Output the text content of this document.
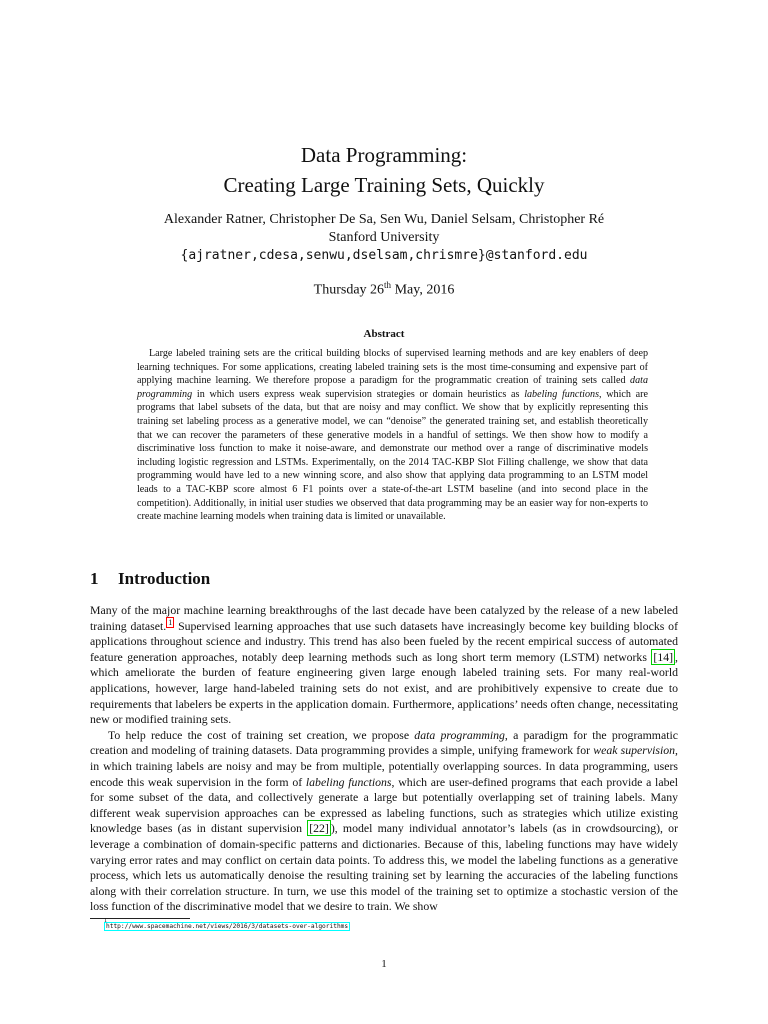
Data Programming:
Creating Large Training Sets, Quickly
Alexander Ratner, Christopher De Sa, Sen Wu, Daniel Selsam, Christopher Ré
Stanford University
{ajratner,cdesa,senwu,dselsam,chrismre}@stanford.edu
Thursday 26th May, 2016
Abstract

Large labeled training sets are the critical building blocks of supervised learning methods and are key enablers of deep learning techniques. For some applications, creating labeled training sets is the most time-consuming and expensive part of applying machine learning. We therefore propose a paradigm for the programmatic creation of training sets called data programming in which users express weak supervision strategies or domain heuristics as labeling functions, which are programs that label subsets of the data, but that are noisy and may conflict. We show that by explicitly representing this training set labeling process as a generative model, we can “denoise” the generated training set, and establish theoretically that we can recover the parameters of these generative models in a handful of settings. We then show how to modify a discriminative loss function to make it noise-aware, and demonstrate our method over a range of discriminative models including logistic regression and LSTMs. Experimentally, on the 2014 TAC-KBP Slot Filling challenge, we show that data programming would have led to a new winning score, and also show that applying data programming to an LSTM model leads to a TAC-KBP score almost 6 F1 points over a state-of-the-art LSTM baseline (and into second place in the competition). Additionally, in initial user studies we observed that data programming may be an easier way for non-experts to create machine learning models when training data is limited or unavailable.

1 Introduction

Many of the major machine learning breakthroughs of the last decade have been catalyzed by the release of a new labeled training dataset. $^1$ Supervised learning approaches that use such datasets have increasingly become key building blocks of applications throughout science and industry. This trend has also been fueled by the recent empirical success of automated feature generation approaches, notably deep learning methods such as long short term memory (LSTM) networks [14] , which ameliorate the burden of feature engineering given large enough labeled training sets. For many real-world applications, however, large hand-labeled training sets do not exist, and are prohibitively expensive to create due to requirements that labelers be experts in the application domain. Furthermore, applications’ needs often change, necessitating new or modified training sets.

To help reduce the cost of training set creation, we propose data programming, a paradigm for the programmatic creation and modeling of training datasets. Data programming provides a simple, unifying framework for weak supervision, in which training labels are noisy and may be from multiple, potentially overlapping sources. In data programming, users encode this weak supervision in the form of labeling functions, which are user-defined programs that each provide a label for some subset of the data, and collectively generate a large but potentially overlapping set of training labels. Many different weak supervision approaches can be expressed as labeling functions, such as strategies which utilize existing knowledge bases (as in distant supervision [22] ), model many individual annotator’s labels (as in crowdsourcing), or leverage a combination of domain-specific patterns and dictionaries. Because of this, labeling functions may have widely varying error rates and may conflict on certain data points. To address this, we model the labeling functions as a generative process, which lets us automatically denoise the resulting training set by learning the accuracies of the labeling functions along with their correlation structure. In turn, we use this model of the training set to optimize a stochastic version of the loss function of the discriminative model that we desire to train. We show

1
http://www.spacemachine.net/views/2016/3/datasets-over-algorithms
1
